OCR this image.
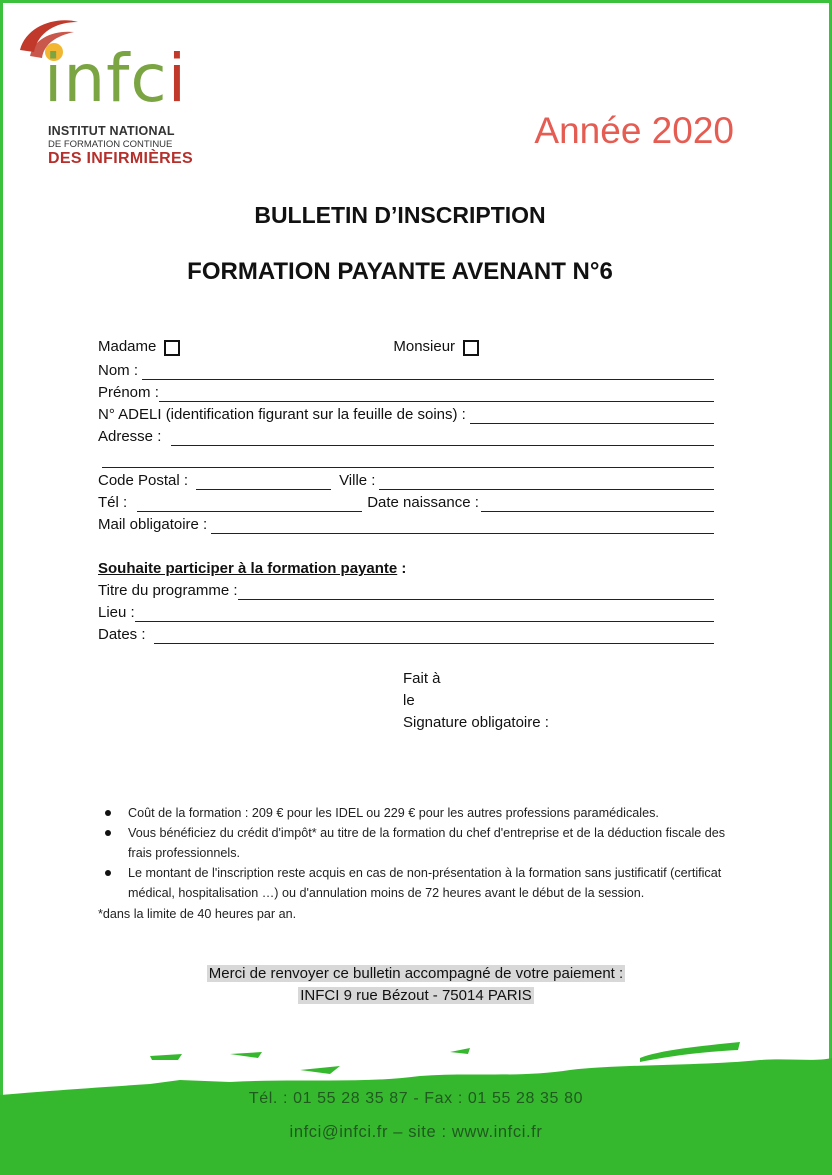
infci
INSTITUT NATIONAL
DE FORMATION CONTINUE
DES INFIRMIÈRES
Année 2020
BULLETIN D’INSCRIPTION
FORMATION PAYANTE AVENANT N°6
Madame	Monsieur
Nom :
Prénom :
N° ADELI (identification figurant sur la feuille de soins) :
Adresse :
Code Postal :	Ville :
Tél :	Date naissance :
Mail obligatoire :
Souhaite participer à la formation payante :
Titre du programme :
Lieu :
Dates :
Fait à
le
Signature obligatoire :
Coût de la formation : 209 € pour les IDEL ou 229 € pour les autres professions paramédicales.
Vous bénéficiez du crédit d'impôt* au titre de la formation du chef d'entreprise et de la déduction fiscale des frais professionnels.
Le montant de l'inscription reste acquis en cas de non-présentation à la formation sans justificatif (certificat médical, hospitalisation …) ou d'annulation moins de 72 heures avant le début de la session.
*dans la limite de 40 heures par an.
Merci de renvoyer ce bulletin accompagné de votre paiement :
INFCI 9 rue Bézout - 75014 PARIS
Tél. : 01 55 28 35 87 - Fax : 01 55 28 35 80
infci@infci.fr – site : www.infci.fr
